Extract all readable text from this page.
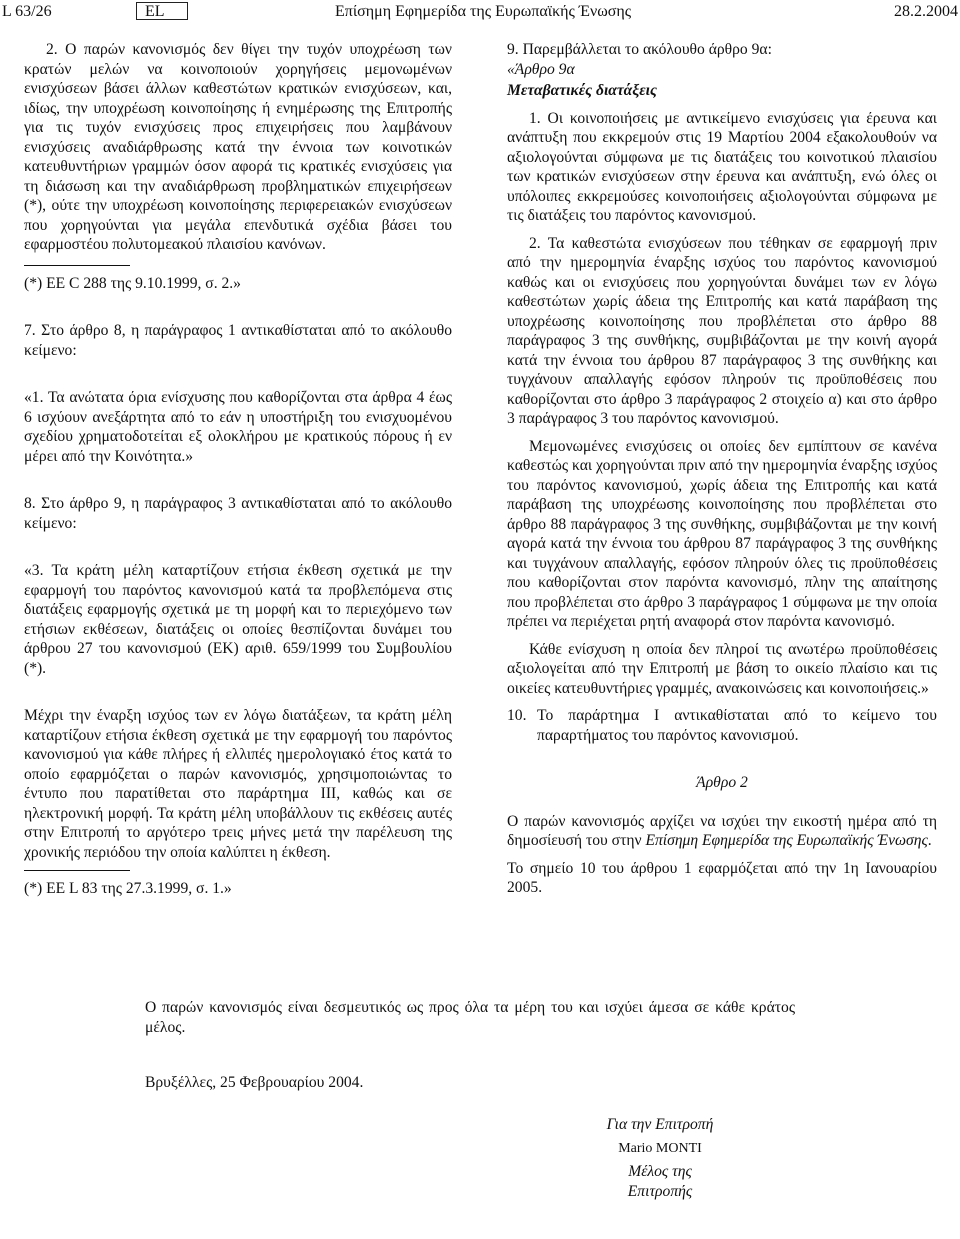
L 63/26	EL	Επίσημη Εφημερίδα της Ευρωπαϊκής Ένωσης	28.2.2004

2. Ο παρών κανονισμός δεν θίγει την τυχόν υποχρέωση των κρατών μελών να κοινοποιούν χορηγήσεις μεμονωμένων ενισχύσεων βάσει άλλων καθεστώτων κρατικών ενισχύσεων, και, ιδίως, την υποχρέωση κοινοποίησης ή ενημέρωσης της Επιτροπής για τις τυχόν ενισχύσεις προς επιχειρήσεις που λαμβάνουν ενισχύσεις αναδιάρθρωσης κατά την έννοια των κοινοτικών κατευθυντήριων γραμμών όσον αφορά τις κρατικές ενισχύσεις για τη διάσωση και την αναδιάρθρωση προβληματικών επιχειρήσεων (*), ούτε την υποχρέωση κοινοποίησης περιφερειακών ενισχύσεων που χορηγούνται για μεγάλα επενδυτικά σχέδια βάσει του εφαρμοστέου πολυτομεακού πλαισίου κανόνων.

(*) ΕΕ C 288 της 9.10.1999, σ. 2.»

7. Στο άρθρο 8, η παράγραφος 1 αντικαθίσταται από το ακόλουθο κείμενο:

«1. Τα ανώτατα όρια ενίσχυσης που καθορίζονται στα άρθρα 4 έως 6 ισχύουν ανεξάρτητα από το εάν η υποστήριξη του ενισχυομένου σχεδίου χρηματοδοτείται εξ ολοκλήρου με κρατικούς πόρους ή εν μέρει από την Κοινότητα.»

8. Στο άρθρο 9, η παράγραφος 3 αντικαθίσταται από το ακόλουθο κείμενο:

«3. Τα κράτη μέλη καταρτίζουν ετήσια έκθεση σχετικά με την εφαρμογή του παρόντος κανονισμού κατά τα προβλεπόμενα στις διατάξεις εφαρμογής σχετικά με τη μορφή και το περιεχόμενο των ετήσιων εκθέσεων, διατάξεις οι οποίες θεσπίζονται δυνάμει του άρθρου 27 του κανονισμού (ΕΚ) αριθ. 659/1999 του Συμβουλίου (*).

Μέχρι την έναρξη ισχύος των εν λόγω διατάξεων, τα κράτη μέλη καταρτίζουν ετήσια έκθεση σχετικά με την εφαρμογή του παρόντος κανονισμού για κάθε πλήρες ή ελλιπές ημερολογιακό έτος κατά το οποίο εφαρμόζεται ο παρών κανονισμός, χρησιμοποιώντας το έντυπο που παρατίθεται στο παράρτημα III, καθώς και σε ηλεκτρονική μορφή. Τα κράτη μέλη υποβάλλουν τις εκθέσεις αυτές στην Επιτροπή το αργότερο τρεις μήνες μετά την παρέλευση της χρονικής περιόδου την οποία καλύπτει η έκθεση.

(*) ΕΕ L 83 της 27.3.1999, σ. 1.»

9. Παρεμβάλλεται το ακόλουθο άρθρο 9α:

«Άρθρο 9α

Μεταβατικές διατάξεις

1. Οι κοινοποιήσεις με αντικείμενο ενισχύσεις για έρευνα και ανάπτυξη που εκκρεμούν στις 19 Μαρτίου 2004 εξακολουθούν να αξιολογούνται σύμφωνα με τις διατάξεις του κοινοτικού πλαισίου των κρατικών ενισχύσεων στην έρευνα και ανάπτυξη, ενώ όλες οι υπόλοιπες εκκρεμούσες κοινοποιήσεις αξιολογούνται σύμφωνα με τις διατάξεις του παρόντος κανονισμού.

2. Τα καθεστώτα ενισχύσεων που τέθηκαν σε εφαρμογή πριν από την ημερομηνία έναρξης ισχύος του παρόντος κανονισμού καθώς και οι ενισχύσεις που χορηγούνται δυνάμει των εν λόγω καθεστώτων χωρίς άδεια της Επιτροπής και κατά παράβαση της υποχρέωσης κοινοποίησης που προβλέπεται στο άρθρο 88 παράγραφος 3 της συνθήκης, συμβιβάζονται με την κοινή αγορά κατά την έννοια του άρθρου 87 παράγραφος 3 της συνθήκης και τυγχάνουν απαλλαγής εφόσον πληρούν τις προϋποθέσεις που καθορίζονται στο άρθρο 3 παράγραφος 2 στοιχείο α) και στο άρθρο 3 παράγραφος 3 του παρόντος κανονισμού.

Μεμονωμένες ενισχύσεις οι οποίες δεν εμπίπτουν σε κανένα καθεστώς και χορηγούνται πριν από την ημερομηνία έναρξης ισχύος του παρόντος κανονισμού, χωρίς άδεια της Επιτροπής και κατά παράβαση της υποχρέωσης κοινοποίησης που προβλέπεται στο άρθρο 88 παράγραφος 3 της συνθήκης, συμβιβάζονται με την κοινή αγορά κατά την έννοια του άρθρου 87 παράγραφος 3 της συνθήκης και τυγχάνουν απαλλαγής, εφόσον πληρούν όλες τις προϋποθέσεις που καθορίζονται στον παρόντα κανονισμό, πλην της απαίτησης που προβλέπεται στο άρθρο 3 παράγραφος 1 σύμφωνα με την οποία πρέπει να περιέχεται ρητή αναφορά στον παρόντα κανονισμό.

Κάθε ενίσχυση η οποία δεν πληροί τις ανωτέρω προϋποθέσεις αξιολογείται από την Επιτροπή με βάση το οικείο πλαίσιο και τις οικείες κατευθυντήριες γραμμές, ανακοινώσεις και κοινοποιήσεις.»

10. Το παράρτημα I αντικαθίσταται από το κείμενο του παραρτήματος του παρόντος κανονισμού.

Άρθρο 2

Ο παρών κανονισμός αρχίζει να ισχύει την εικοστή ημέρα από τη δημοσίευσή του στην Επίσημη Εφημερίδα της Ευρωπαϊκής Ένωσης.

Το σημείο 10 του άρθρου 1 εφαρμόζεται από την 1η Ιανουαρίου 2005.

Ο παρών κανονισμός είναι δεσμευτικός ως προς όλα τα μέρη του και ισχύει άμεσα σε κάθε κράτος μέλος.

Βρυξέλλες, 25 Φεβρουαρίου 2004.

Για την Επιτροπή

Mario MONTI

Μέλος της Επιτροπής
